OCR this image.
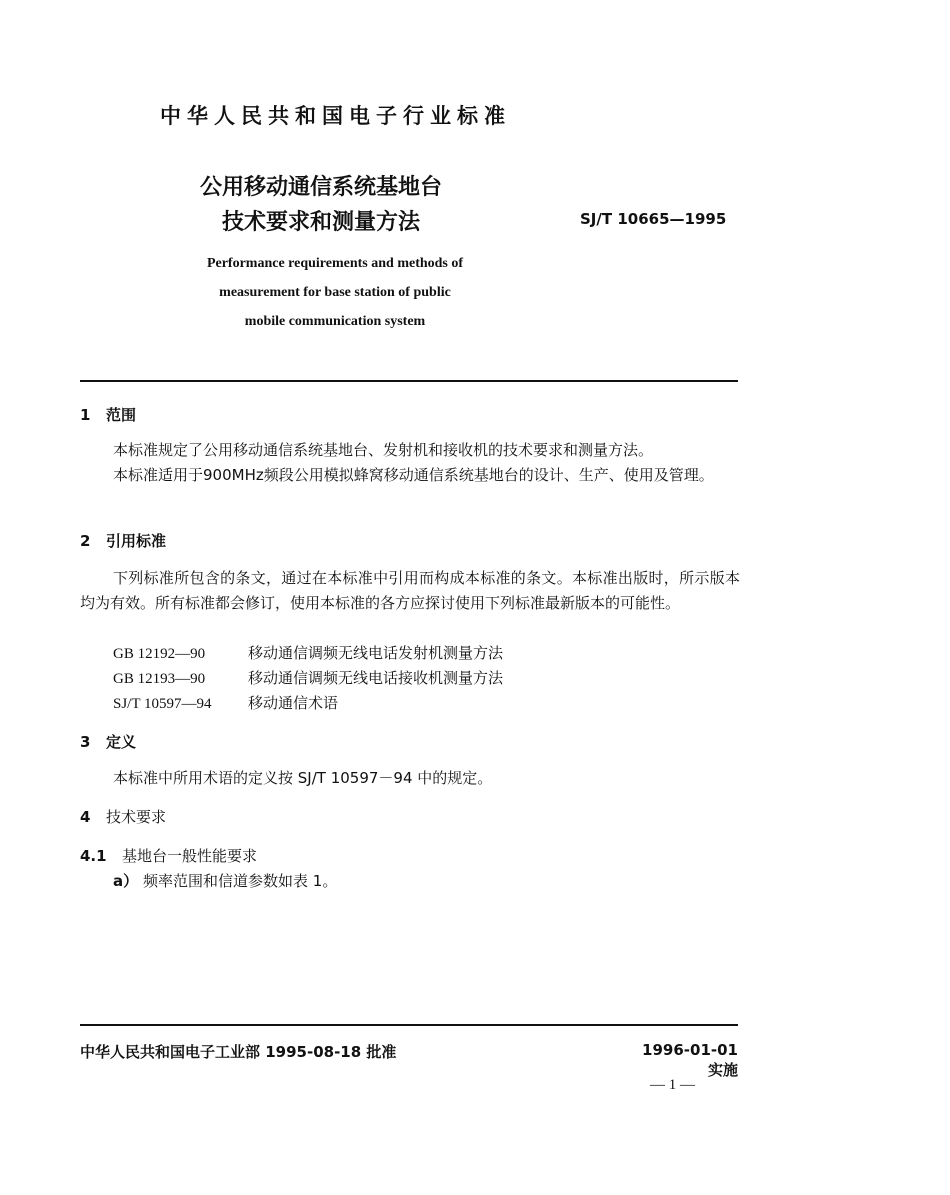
中华人民共和国电子行业标准
公用移动通信系统基地台
技术要求和测量方法	SJ/T 10665—1995
Performance requirements and methods of
measurement for base station of public
mobile communication system
1 范围
本标准规定了公用移动通信系统基地台、发射机和接收机的技术要求和测量方法。
本标准适用于900MHz频段公用模拟蜂窝移动通信系统基地台的设计、生产、使用及管理。
2 引用标准
下列标准所包含的条文，通过在本标准中引用而构成本标准的条文。本标准出版时，所示版本均为有效。所有标准都会修订，使用本标准的各方应探讨使用下列标准最新版本的可能性。
GB 12192—90	移动通信调频无线电话发射机测量方法
GB 12193—90	移动通信调频无线电话接收机测量方法
SJ/T 10597—94 移动通信术语
3 定义
本标准中所用术语的定义按 SJ/T 10597－94 中的规定。
4 技术要求
4.1 基地台一般性能要求
a） 频率范围和信道参数如表 1。
中华人民共和国电子工业部 1995-08-18 批准	1996-01-01 实施
— 1 —
